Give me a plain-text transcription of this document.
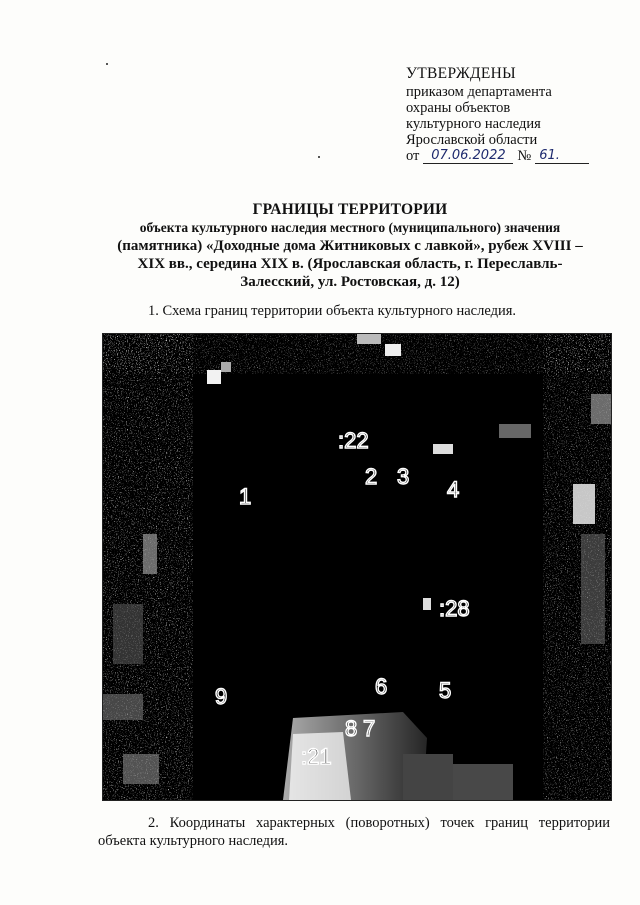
УТВЕРЖДЕНЫ
приказом департамента
охраны объектов
культурного наследия
Ярославской области
от 07.06.2022 № 61.
ГРАНИЦЫ ТЕРРИТОРИИ
объекта культурного наследия местного (муниципального) значения
(памятника) «Доходные дома Житниковых с лавкой», рубеж XVIII –
XIX вв., середина XIX в. (Ярославская область, г. Переславль-
Залесский, ул. Ростовская, д. 12)
1. Схема границ территории объекта культурного наследия.
:22
2 3
4
1
:28
6 5
9
8 7
:21
2. Координаты характерных (поворотных) точек границ территории объекта культурного наследия.
